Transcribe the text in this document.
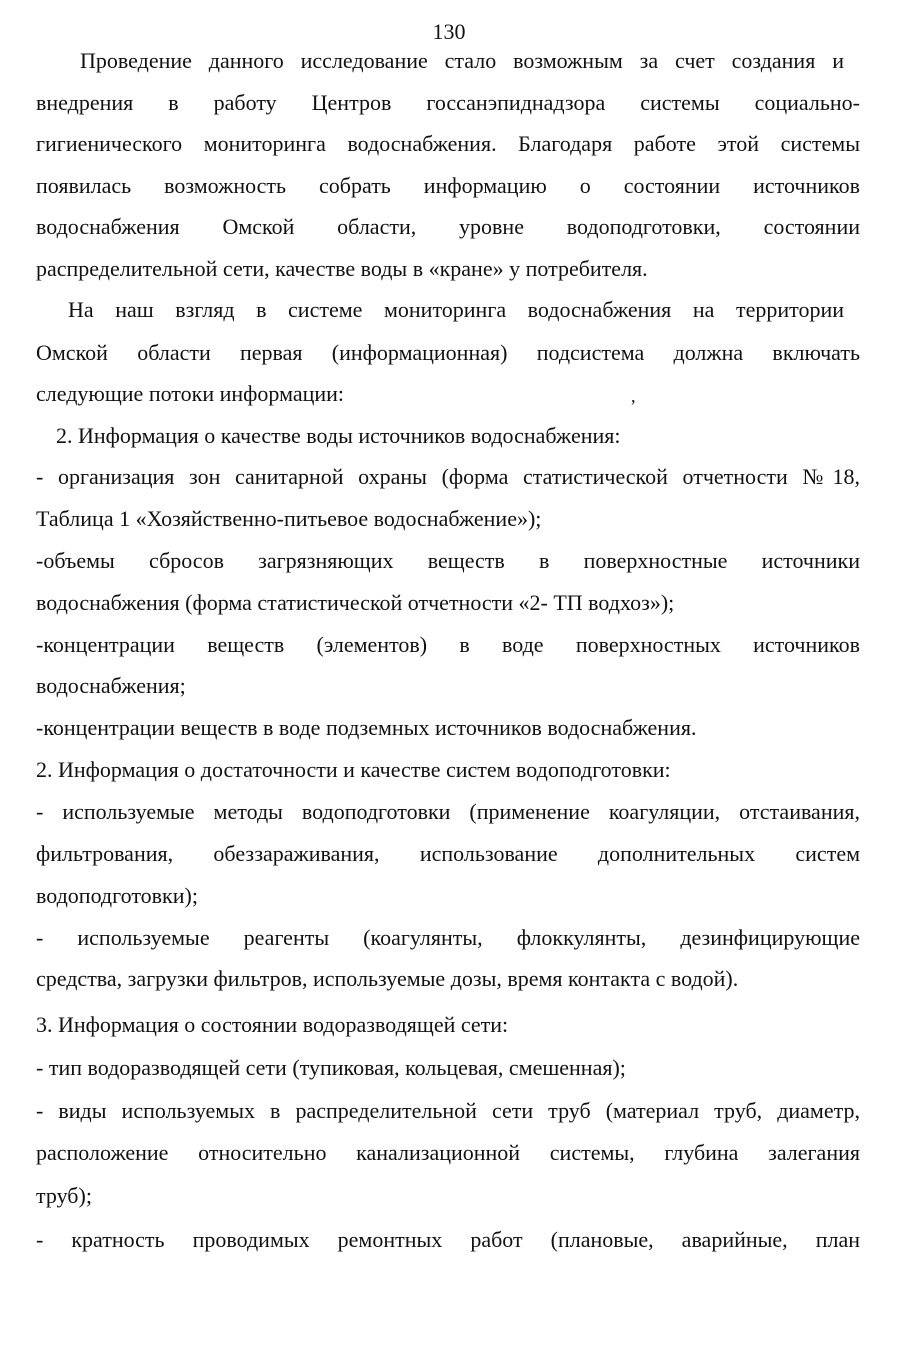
130
Проведение данного исследование стало возможным за счет создания и
внедрения в работу Центров госсанэпиднадзора системы социально-
гигиенического мониторинга водоснабжения. Благодаря работе этой системы
появилась возможность собрать информацию о состоянии источников
водоснабжения Омской области, уровне водоподготовки, состоянии
распределительной сети, качестве воды в «кране» у потребителя.
На наш взгляд в системе мониторинга водоснабжения на территории
Омской области первая (информационная) подсистема должна включать
следующие потоки информации:	,
2. Информация о качестве воды источников водоснабжения:
- организация зон санитарной охраны (форма статистической отчетности №18,
Таблица 1 «Хозяйственно-питьевое водоснабжение»);
-объемы сбросов загрязняющих веществ в поверхностные источники
водоснабжения (форма статистической отчетности «2- ТП водхоз»);
-концентрации веществ (элементов) в воде поверхностных источников
водоснабжения;
-концентрации веществ в воде подземных источников водоснабжения.
2. Информация о достаточности и качестве систем водоподготовки:
- используемые методы водоподготовки (применение коагуляции, отстаивания,
фильтрования, обеззараживания, использование дополнительных систем
водоподготовки);
- используемые реагенты (коагулянты, флоккулянты, дезинфицирующие
средства, загрузки фильтров, используемые дозы, время контакта с водой).
3. Информация о состоянии водоразводящей сети:
- тип водоразводящей сети (тупиковая, кольцевая, смешенная);
- виды используемых в распределительной сети труб (материал труб, диаметр,
расположение относительно канализационной системы, глубина залегания
труб);
- кратность проводимых ремонтных работ (плановые, аварийные, план
